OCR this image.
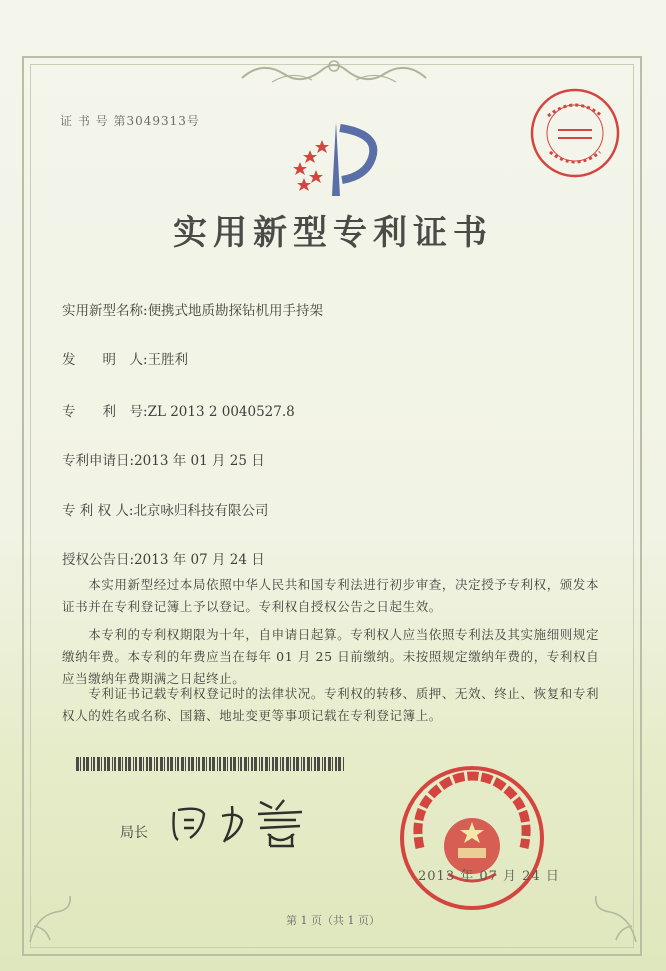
证 书 号 第3049313号
实用新型专利证书
实用新型名称:便携式地质勘探钻机用手持架
发　　明　人:王胜利
专　　利　号:ZL 2013 2 0040527.8
专利申请日:2013 年 01 月 25 日
专 利 权 人:北京咏归科技有限公司
授权公告日:2013 年 07 月 24 日
　　本实用新型经过本局依照中华人民共和国专利法进行初步审查，决定授予专利权，颁发本证书并在专利登记簿上予以登记。专利权自授权公告之日起生效。
　　本专利的专利权期限为十年，自申请日起算。专利权人应当依照专利法及其实施细则规定缴纳年费。本专利的年费应当在每年 01 月 25 日前缴纳。未按照规定缴纳年费的，专利权自应当缴纳年费期满之日起终止。
　　专利证书记载专利权登记时的法律状况。专利权的转移、质押、无效、终止、恢复和专利权人的姓名或名称、国籍、地址变更等事项记载在专利登记簿上。
局长
2013 年 07 月 24 日
第 1 页（共 1 页）
